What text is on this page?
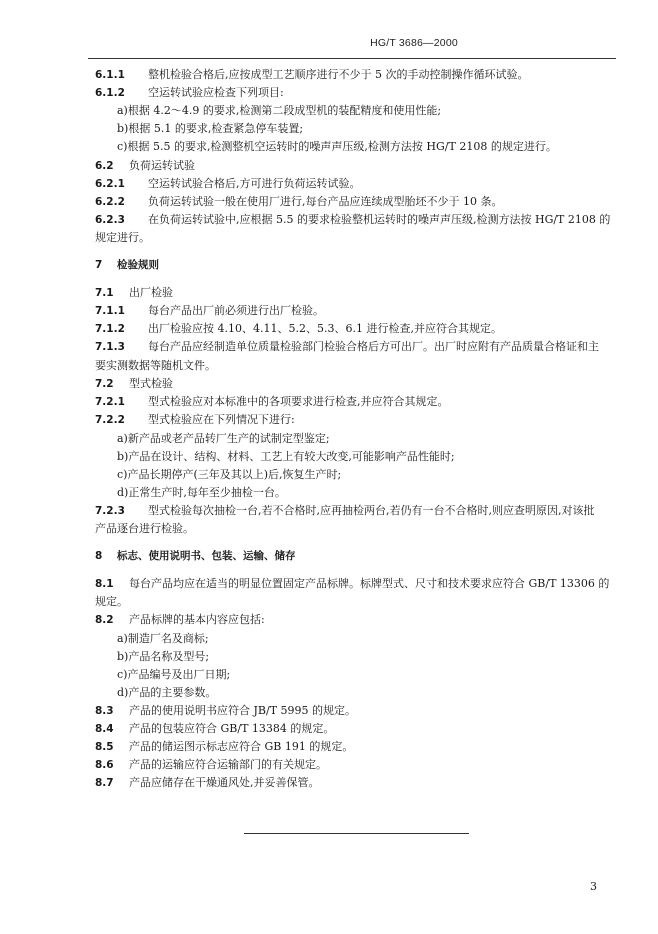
HG/T 3686—2000
6.1.1 整机检验合格后,应按成型工艺顺序进行不少于 5 次的手动控制操作循环试验。
6.1.2 空运转试验应检查下列项目:
a)根据 4.2～4.9 的要求,检测第二段成型机的装配精度和使用性能;
b)根据 5.1 的要求,检查紧急停车装置;
c)根据 5.5 的要求,检测整机空运转时的噪声声压级,检测方法按 HG/T 2108 的规定进行。
6.2 负荷运转试验
6.2.1 空运转试验合格后,方可进行负荷运转试验。
6.2.2 负荷运转试验一般在使用厂进行,每台产品应连续成型胎坯不少于 10 条。
6.2.3 在负荷运转试验中,应根据 5.5 的要求检验整机运转时的噪声声压级,检测方法按 HG/T 2108 的
规定进行。
7 检验规则
7.1 出厂检验
7.1.1 每台产品出厂前必须进行出厂检验。
7.1.2 出厂检验应按 4.10、4.11、5.2、5.3、6.1 进行检查,并应符合其规定。
7.1.3 每台产品应经制造单位质量检验部门检验合格后方可出厂。出厂时应附有产品质量合格证和主
要实测数据等随机文件。
7.2 型式检验
7.2.1 型式检验应对本标准中的各项要求进行检查,并应符合其规定。
7.2.2 型式检验应在下列情况下进行:
a)新产品或老产品转厂生产的试制定型鉴定;
b)产品在设计、结构、材料、工艺上有较大改变,可能影响产品性能时;
c)产品长期停产(三年及其以上)后,恢复生产时;
d)正常生产时,每年至少抽检一台。
7.2.3 型式检验每次抽检一台,若不合格时,应再抽检两台,若仍有一台不合格时,则应查明原因,对该批
产品逐台进行检验。
8 标志、使用说明书、包装、运输、储存
8.1 每台产品均应在适当的明显位置固定产品标牌。标牌型式、尺寸和技术要求应符合 GB/T 13306 的
规定。
8.2 产品标牌的基本内容应包括:
a)制造厂名及商标;
b)产品名称及型号;
c)产品编号及出厂日期;
d)产品的主要参数。
8.3 产品的使用说明书应符合 JB/T 5995 的规定。
8.4 产品的包装应符合 GB/T 13384 的规定。
8.5 产品的储运图示标志应符合 GB 191 的规定。
8.6 产品的运输应符合运输部门的有关规定。
8.7 产品应储存在干燥通风处,并妥善保管。
3
